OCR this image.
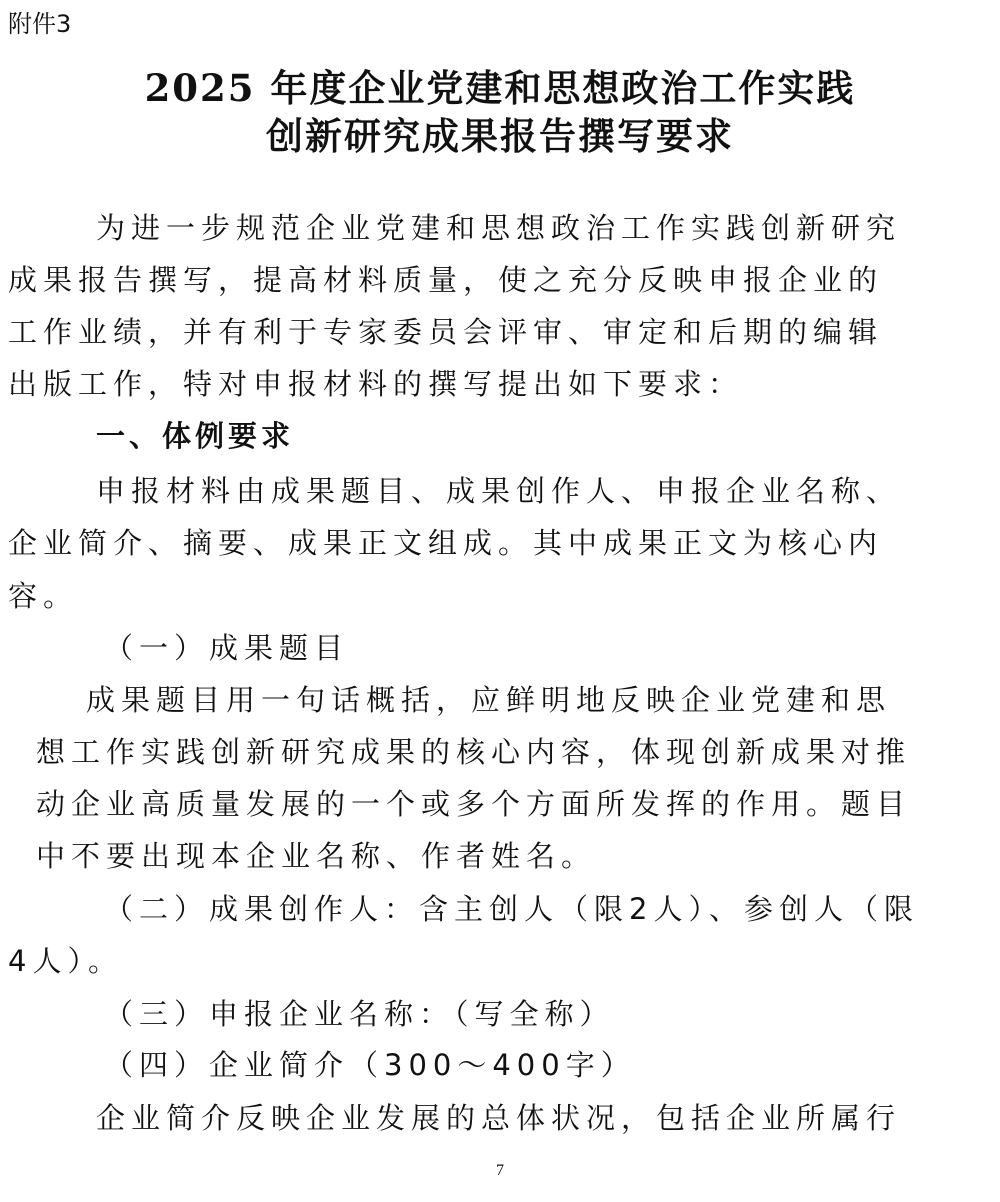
附件3

2025 年度企业党建和思想政治工作实践
创新研究成果报告撰写要求

为进一步规范企业党建和思想政治工作实践创新研究

成果报告撰写，提高材料质量，使之充分反映申报企业的

工作业绩，并有利于专家委员会评审、审定和后期的编辑

出版工作，特对申报材料的撰写提出如下要求：

一、体例要求

申报材料由成果题目、成果创作人、申报企业名称、

企业简介、摘要、成果正文组成。其中成果正文为核心内

容。

（一）成果题目

成果题目用一句话概括，应鲜明地反映企业党建和思

想工作实践创新研究成果的核心内容，体现创新成果对推

动企业高质量发展的一个或多个方面所发挥的作用。题目

中不要出现本企业名称、作者姓名。

（二）成果创作人：含主创人（限2人）、参创人（限

4人）。

（三）申报企业名称：（写全称）

（四）企业简介（300～400字）

企业简介反映企业发展的总体状况，包括企业所属行

7
